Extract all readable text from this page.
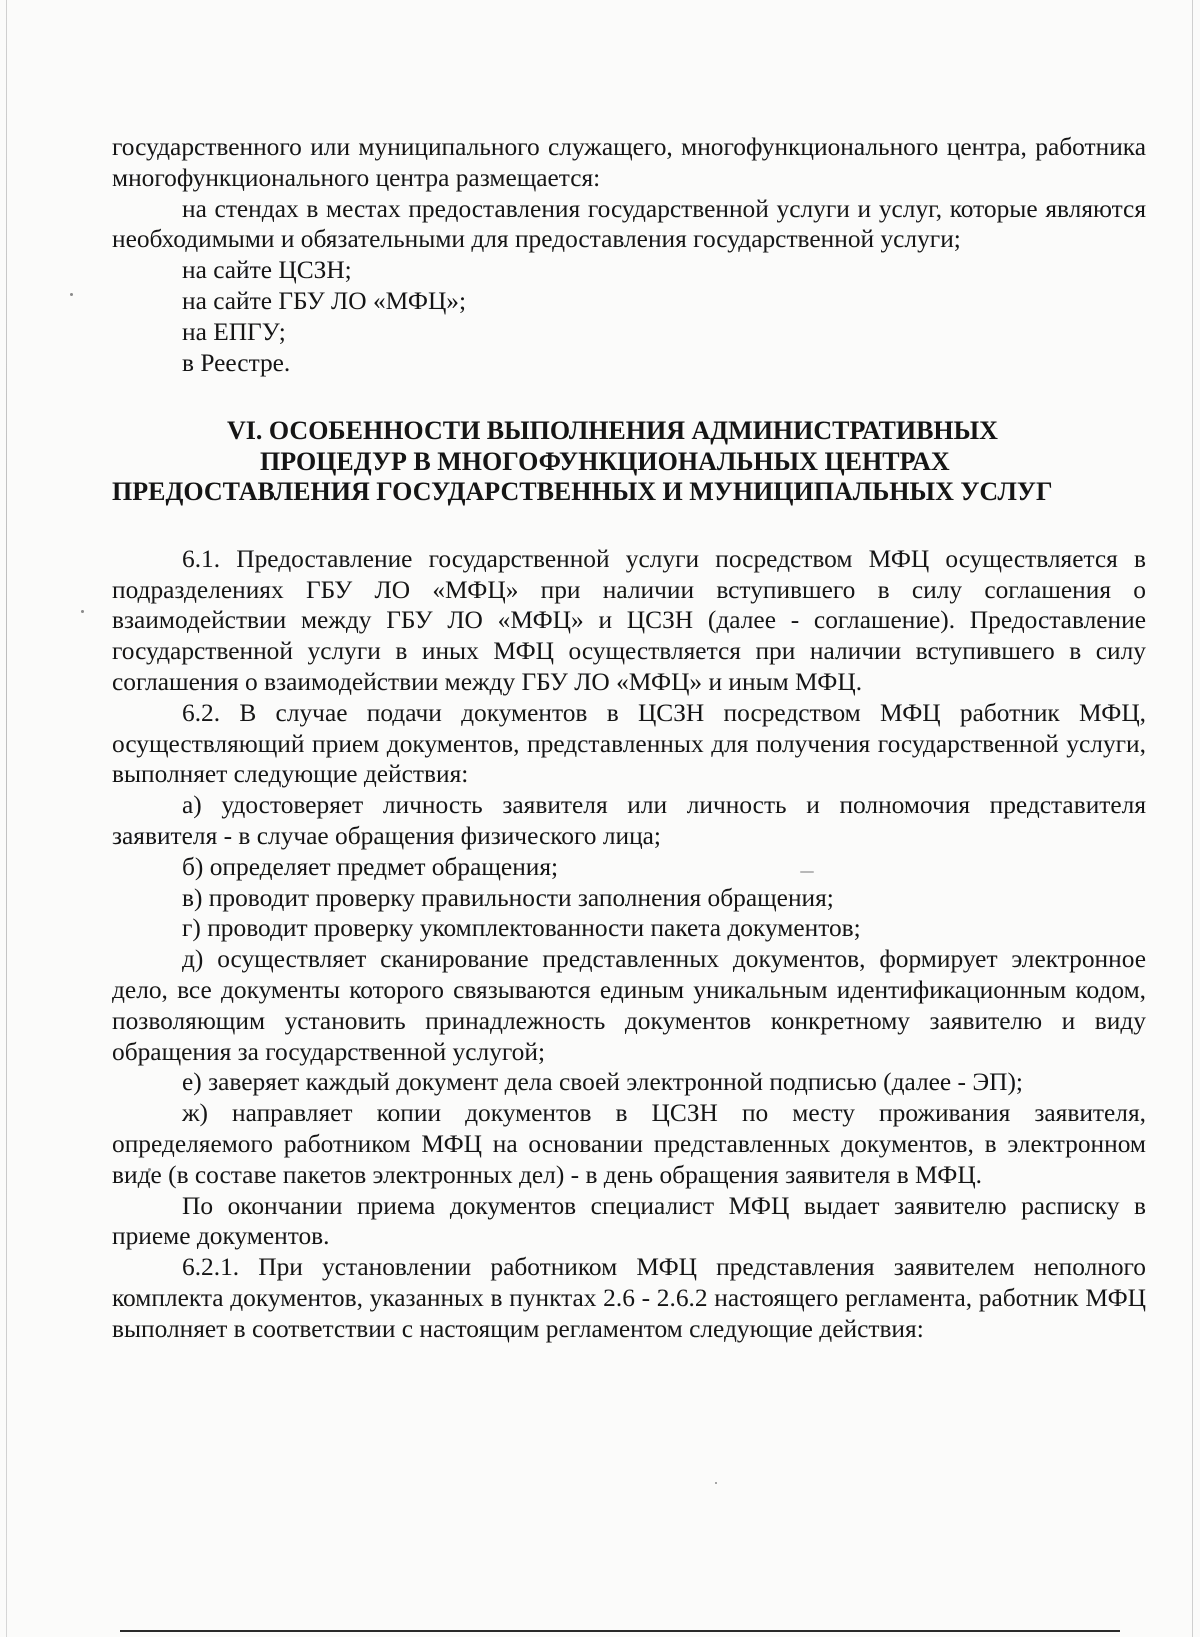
государственного или муниципального служащего, многофункционального центра, работника многофункционального центра размещается:

на стендах в местах предоставления государственной услуги и услуг, которые являются необходимыми и обязательными для предоставления государственной услуги;

на сайте ЦСЗН;

на сайте ГБУ ЛО «МФЦ»;

на ЕПГУ;

в Реестре.

VI. ОСОБЕННОСТИ ВЫПОЛНЕНИЯ АДМИНИСТРАТИВНЫХ
ПРОЦЕДУР В МНОГОФУНКЦИОНАЛЬНЫХ ЦЕНТРАХ
ПРЕДОСТАВЛЕНИЯ ГОСУДАРСТВЕННЫХ И МУНИЦИПАЛЬНЫХ УСЛУГ

6.1. Предоставление государственной услуги посредством МФЦ осуществляется в подразделениях ГБУ ЛО «МФЦ» при наличии вступившего в силу соглашения о взаимодействии между ГБУ ЛО «МФЦ» и ЦСЗН (далее - соглашение). Предоставление государственной услуги в иных МФЦ осуществляется при наличии вступившего в силу соглашения о взаимодействии между ГБУ ЛО «МФЦ» и иным МФЦ.

6.2. В случае подачи документов в ЦСЗН посредством МФЦ работник МФЦ, осуществляющий прием документов, представленных для получения государственной услуги, выполняет следующие действия:

а) удостоверяет личность заявителя или личность и полномочия представителя заявителя - в случае обращения физического лица;

б) определяет предмет обращения;

в) проводит проверку правильности заполнения обращения;

г) проводит проверку укомплектованности пакета документов;

д) осуществляет сканирование представленных документов, формирует электронное дело, все документы которого связываются единым уникальным идентификационным кодом, позволяющим установить принадлежность документов конкретному заявителю и виду обращения за государственной услугой;

е) заверяет каждый документ дела своей электронной подписью (далее - ЭП);

ж) направляет копии документов в ЦСЗН по месту проживания заявителя, определяемого работником МФЦ на основании представленных документов, в электронном виде (в составе пакетов электронных дел) - в день обращения заявителя в МФЦ.

По окончании приема документов специалист МФЦ выдает заявителю расписку в приеме документов.

6.2.1. При установлении работником МФЦ представления заявителем неполного комплекта документов, указанных в пунктах 2.6 - 2.6.2 настоящего регламента, работник МФЦ выполняет в соответствии с настоящим регламентом следующие действия:
